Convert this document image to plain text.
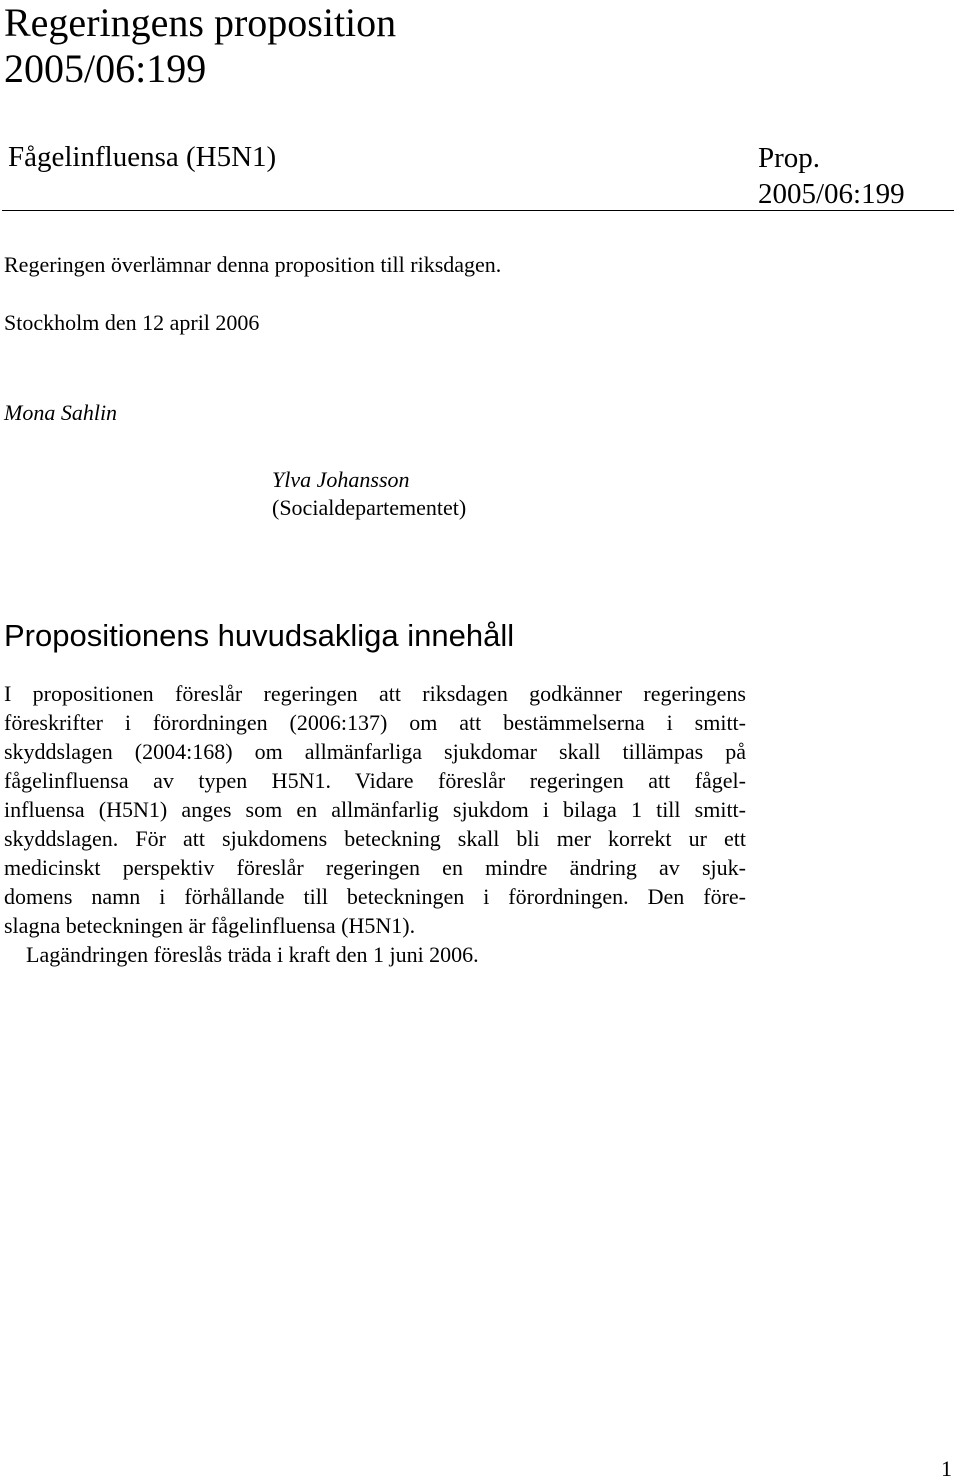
Regeringens proposition
2005/06:199
Fågelinfluensa (H5N1)	Prop.
2005/06:199
Regeringen överlämnar denna proposition till riksdagen.
Stockholm den 12 april 2006
Mona Sahlin
Ylva Johansson
(Socialdepartementet)
Propositionens huvudsakliga innehåll
I propositionen föreslår regeringen att riksdagen godkänner regeringens
föreskrifter i förordningen (2006:137) om att bestämmelserna i smitt-
skyddslagen (2004:168) om allmänfarliga sjukdomar skall tillämpas på
fågelinfluensa av typen H5N1. Vidare föreslår regeringen att fågel-
influensa (H5N1) anges som en allmänfarlig sjukdom i bilaga 1 till smitt-
skyddslagen. För att sjukdomens beteckning skall bli mer korrekt ur ett
medicinskt perspektiv föreslår regeringen en mindre ändring av sjuk-
domens namn i förhållande till beteckningen i förordningen. Den före-
slagna beteckningen är fågelinfluensa (H5N1).
Lagändringen föreslås träda i kraft den 1 juni 2006.
1
